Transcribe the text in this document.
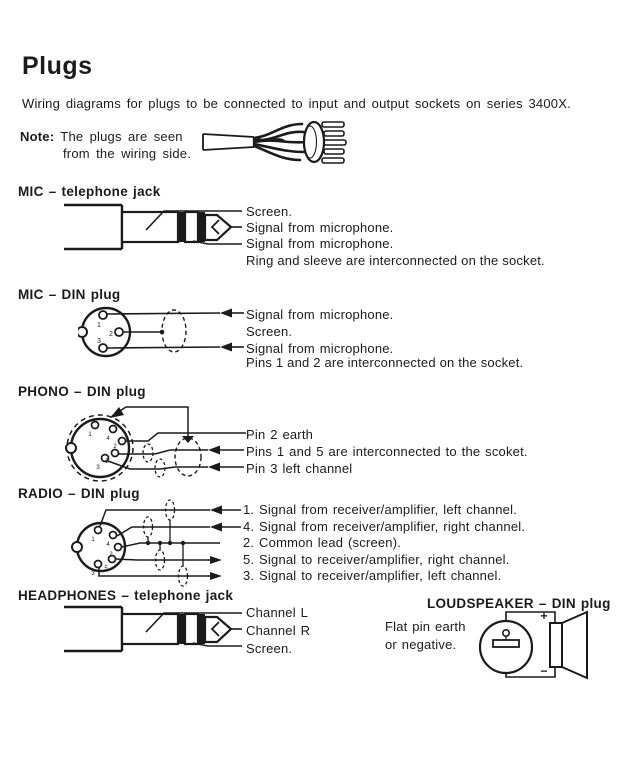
Plugs
Wiring diagrams for plugs to be connected to input and output sockets on series 3400X.
Note: The plugs are seen
from the wiring side.
MIC – telephone jack
Screen.
Signal from microphone.
Signal from microphone.
Ring and sleeve are interconnected on the socket.
MIC – DIN plug
1
2
3
Signal from microphone.
Screen.
Signal from microphone.
Pins 1 and 2 are interconnected on the socket.
PHONO – DIN plug
1
4
2
5
3
Pin 2 earth
Pins 1 and 5 are interconnected to the scoket.
Pin 3 left channel
RADIO – DIN plug
1
4
2
5
3
1. Signal from receiver/amplifier, left channel.
4. Signal from receiver/amplifier, right channel.
2. Common lead (screen).
5. Signal to receiver/amplifier, right channel.
3. Signal to receiver/amplifier, left channel.
HEADPHONES – telephone jack
Channel L
Channel R
Screen.
LOUDSPEAKER – DIN plug
Flat pin earth
or negative.
+
−
